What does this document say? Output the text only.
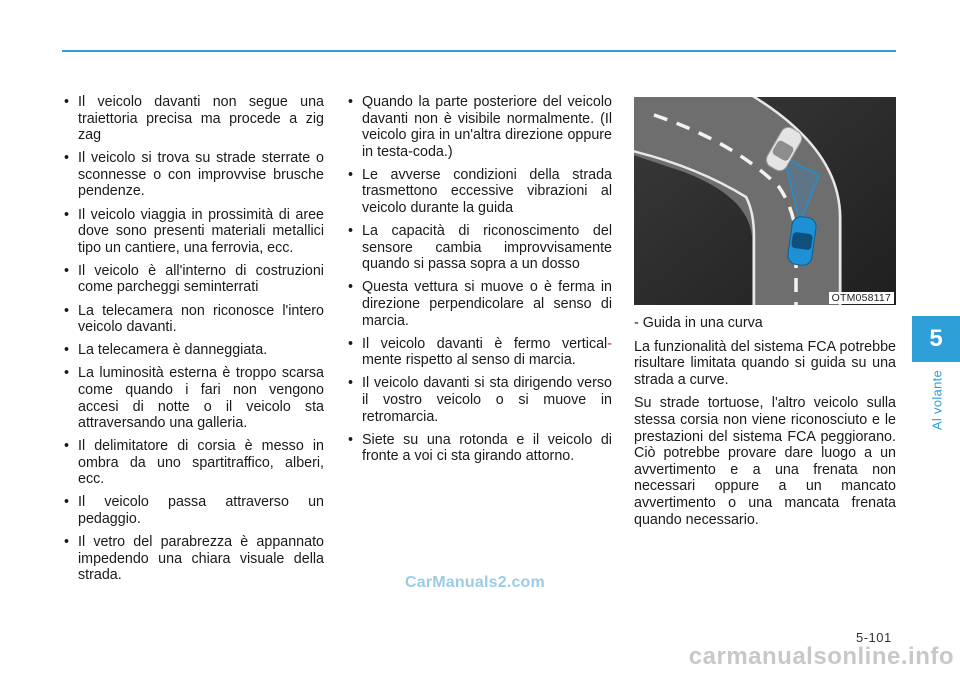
• Il veicolo davanti non segue una traiettoria precisa ma procede a zig zag
• Il veicolo si trova su strade sterrate o sconnesse o con improvvise brusche pendenze.
• Il veicolo viaggia in prossimità di aree dove sono presenti materiali metallici tipo un cantiere, una ferrovia, ecc.
• Il veicolo è all'interno di costruzioni come parcheggi seminterrati
• La telecamera non riconosce l'intero veicolo davanti.
• La telecamera è danneggiata.
• La luminosità esterna è troppo scarsa come quando i fari non vengono accesi di notte o il veicolo sta attraversando una galleria.
• Il delimitatore di corsia è messo in ombra da uno spartitraffico, alberi, ecc.
• Il veicolo passa attraverso un pedaggio.
• Il vetro del parabrezza è appannato impedendo una chiara visuale della strada.
• Quando la parte posteriore del veicolo davanti non è visibile normalmente. (Il veicolo gira in un'altra direzione oppure in testa-coda.)
• Le avverse condizioni della strada trasmettono eccessive vibrazioni al veicolo durante la guida
• La capacità di riconoscimento del sensore cambia improvvisamente quando si passa sopra a un dosso
• Questa vettura si muove o è ferma in direzione perpendicolare al senso di marcia.
• Il veicolo davanti è fermo vertical- mente rispetto al senso di marcia.
• Il veicolo davanti si sta dirigendo verso il vostro veicolo o si muove in retromarcia.
• Siete su una rotonda e il veicolo di fronte a voi ci sta girando attorno.
OTM058117
- Guida in una curva
La funzionalità del sistema FCA potrebbe risultare limitata quando si guida su una strada a curve.
Su strade tortuose, l'altro veicolo sulla stessa corsia non viene riconosciuto e le prestazioni del sistema FCA peggiorano. Ciò potrebbe provare dare luogo a un avvertimento e a una frenata non necessari oppure a un mancato avvertimento o una mancata frenata quando necessario.
5
Al volante
CarManuals2.com
5-101
carmanualsonline.info
